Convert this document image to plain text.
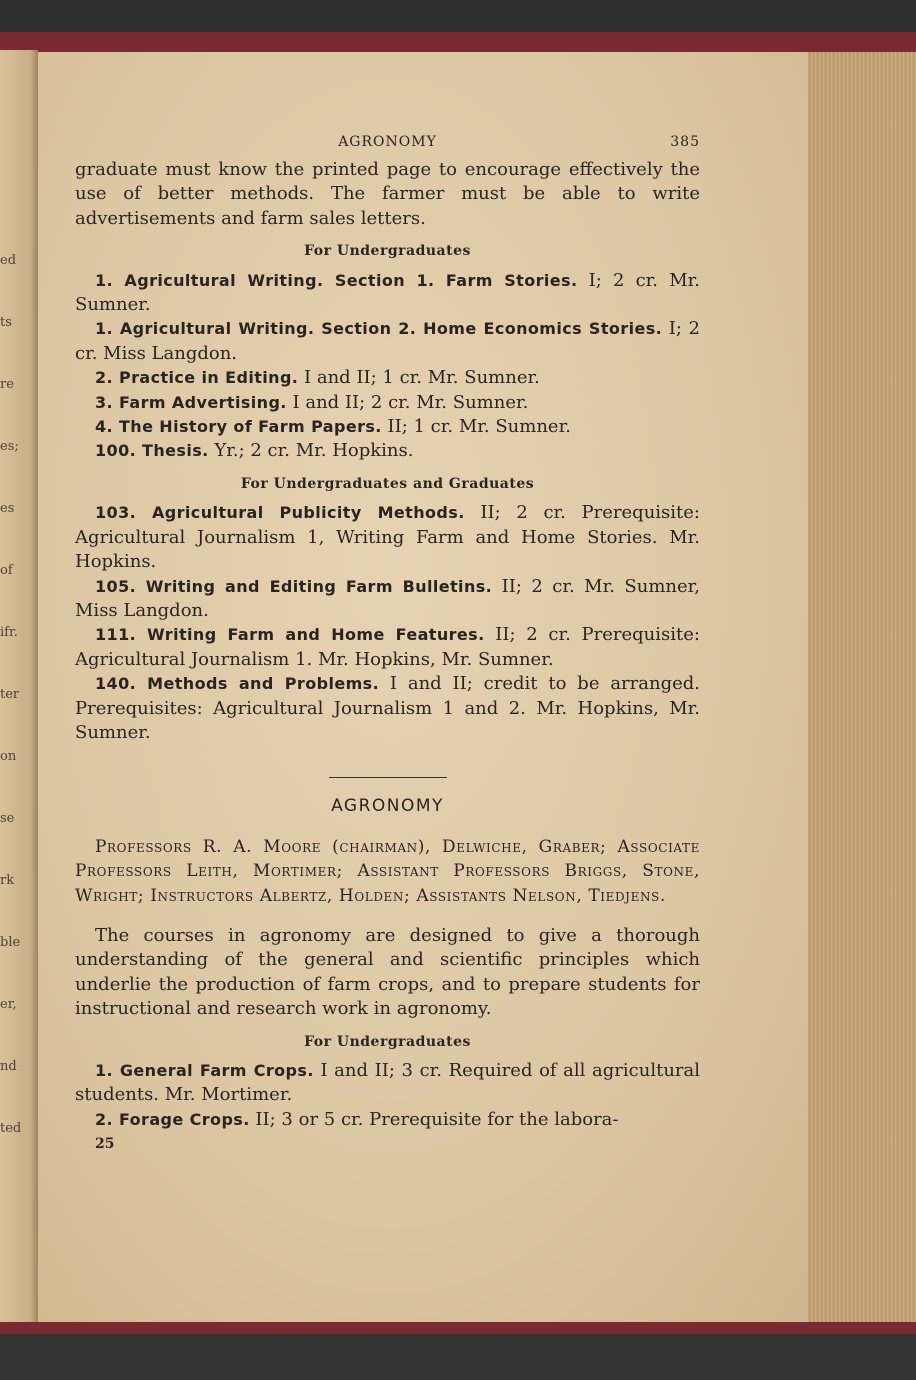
ed
ts
re
es;
es
of
ifr.
ter
on
se
rk
ble
er,
nd
ted
AGRONOMY	385

graduate must know the printed page to encourage effectively the use of better methods. The farmer must be able to write advertisements and farm sales letters.

For Undergraduates

1. Agricultural Writing. Section 1. Farm Stories. I; 2 cr. Mr. Sumner.

1. Agricultural Writing. Section 2. Home Economics Stories. I; 2 cr. Miss Langdon.

2. Practice in Editing. I and II; 1 cr. Mr. Sumner.

3. Farm Advertising. I and II; 2 cr. Mr. Sumner.

4. The History of Farm Papers. II; 1 cr. Mr. Sumner.

100. Thesis. Yr.; 2 cr. Mr. Hopkins.

For Undergraduates and Graduates

103. Agricultural Publicity Methods. II; 2 cr. Prerequisite: Agricultural Journalism 1, Writing Farm and Home Stories. Mr. Hopkins.

105. Writing and Editing Farm Bulletins. II; 2 cr. Mr. Sumner, Miss Langdon.

111. Writing Farm and Home Features. II; 2 cr. Prerequisite: Agricultural Journalism 1. Mr. Hopkins, Mr. Sumner.

140. Methods and Problems. I and II; credit to be arranged. Prerequisites: Agricultural Journalism 1 and 2. Mr. Hopkins, Mr. Sumner.

AGRONOMY

Professors R. A. Moore (chairman), Delwiche, Graber; Associate Professors Leith, Mortimer; Assistant Professors Briggs, Stone, Wright; Instructors Albertz, Holden; Assistants Nelson, Tiedjens.

The courses in agronomy are designed to give a thorough understanding of the general and scientific principles which underlie the production of farm crops, and to prepare students for instructional and research work in agronomy.

For Undergraduates

1. General Farm Crops. I and II; 3 cr. Required of all agricultural students. Mr. Mortimer.

2. Forage Crops. II; 3 or 5 cr. Prerequisite for the labora-

25
